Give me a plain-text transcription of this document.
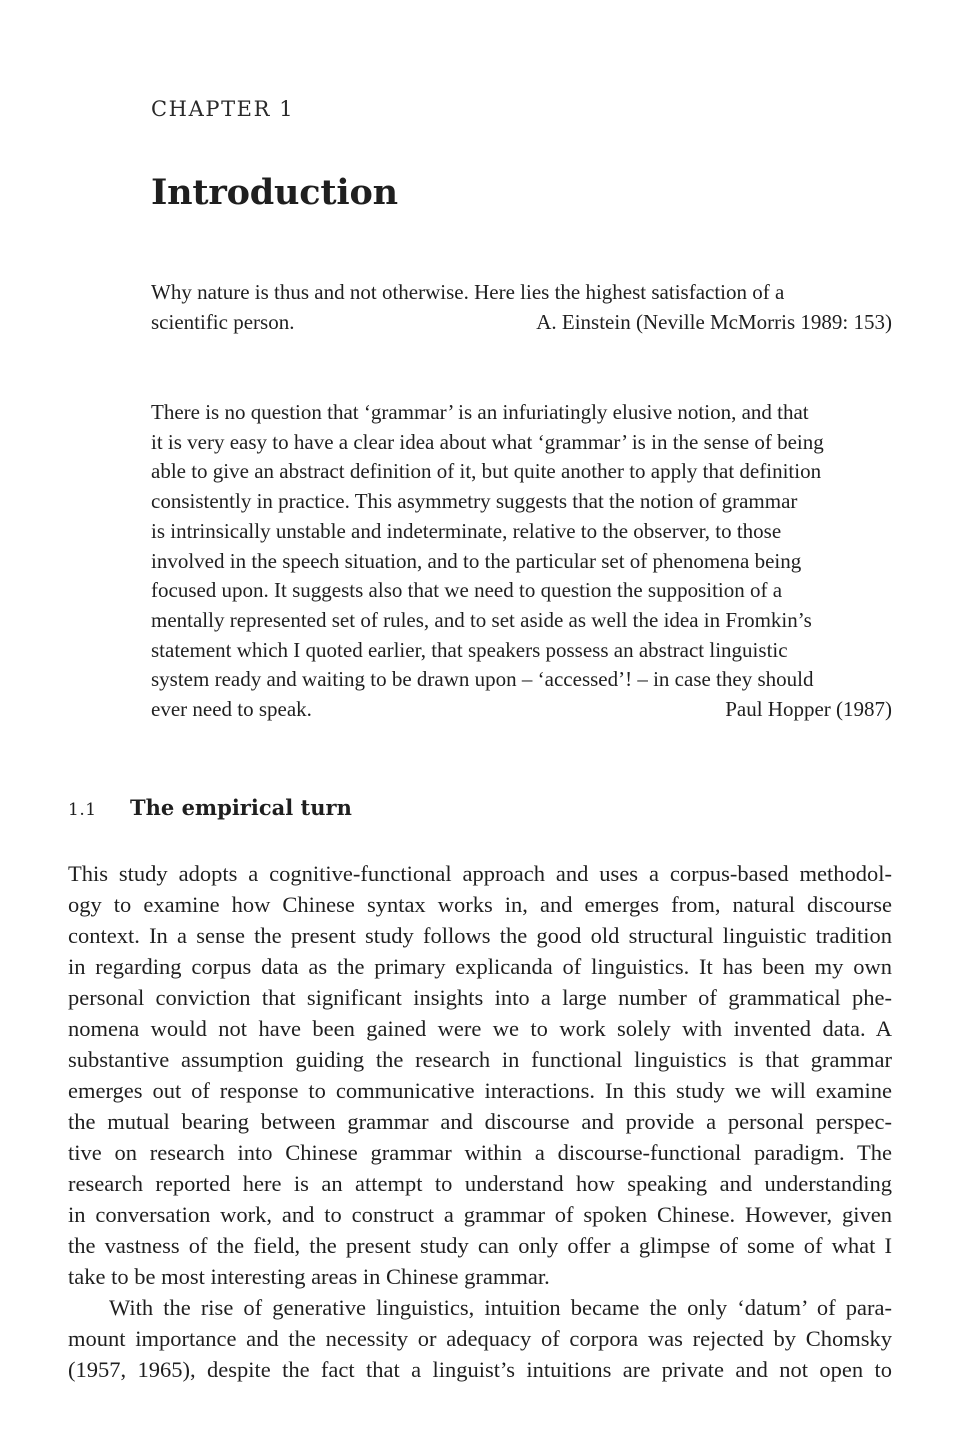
CHAPTER 1
Introduction
Why nature is thus and not otherwise. Here lies the highest satisfaction of a
scientific person.	A. Einstein (Neville McMorris 1989: 153)
There is no question that ‘grammar’ is an infuriatingly elusive notion, and that
it is very easy to have a clear idea about what ‘grammar’ is in the sense of being
able to give an abstract definition of it, but quite another to apply that definition
consistently in practice. This asymmetry suggests that the notion of grammar
is intrinsically unstable and indeterminate, relative to the observer, to those
involved in the speech situation, and to the particular set of phenomena being
focused upon. It suggests also that we need to question the supposition of a
mentally represented set of rules, and to set aside as well the idea in Fromkin’s
statement which I quoted earlier, that speakers possess an abstract linguistic
system ready and waiting to be drawn upon – ‘accessed’! – in case they should
ever need to speak.	Paul Hopper (1987)
1.1 The empirical turn
This study adopts a cognitive-functional approach and uses a corpus-based methodol-
ogy to examine how Chinese syntax works in, and emerges from, natural discourse
context. In a sense the present study follows the good old structural linguistic tradition
in regarding corpus data as the primary explicanda of linguistics. It has been my own
personal conviction that significant insights into a large number of grammatical phe-
nomena would not have been gained were we to work solely with invented data. A
substantive assumption guiding the research in functional linguistics is that grammar
emerges out of response to communicative interactions. In this study we will examine
the mutual bearing between grammar and discourse and provide a personal perspec-
tive on research into Chinese grammar within a discourse-functional paradigm. The
research reported here is an attempt to understand how speaking and understanding
in conversation work, and to construct a grammar of spoken Chinese. However, given
the vastness of the field, the present study can only offer a glimpse of some of what I
take to be most interesting areas in Chinese grammar.
With the rise of generative linguistics, intuition became the only ‘datum’ of para-
mount importance and the necessity or adequacy of corpora was rejected by Chomsky
(1957, 1965), despite the fact that a linguist’s intuitions are private and not open to
